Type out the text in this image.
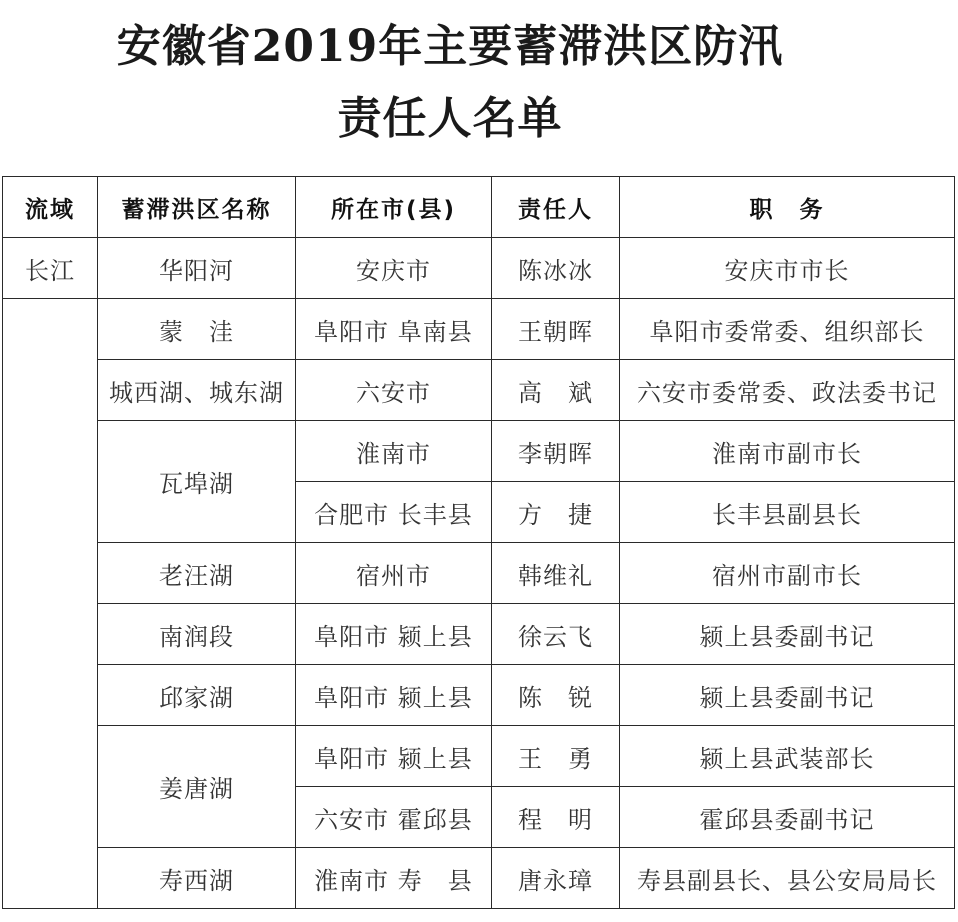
安徽省2019年主要蓄滞洪区防汛
责任人名单
流域	蓄滞洪区名称	所在市(县)	责任人	职　务
长江	华阳河	安庆市	陈冰冰	安庆市市长
	蒙　洼	阜阳市 阜南县	王朝晖	阜阳市委常委、组织部长
	城西湖、城东湖	六安市	高　斌	六安市委常委、政法委书记
	瓦埠湖	淮南市	李朝晖	淮南市副市长
		合肥市 长丰县	方　捷	长丰县副县长
	老汪湖	宿州市	韩维礼	宿州市副市长
	南润段	阜阳市 颍上县	徐云飞	颍上县委副书记
	邱家湖	阜阳市 颍上县	陈　锐	颍上县委副书记
	姜唐湖	阜阳市 颍上县	王　勇	颍上县武装部长
		六安市 霍邱县	程　明	霍邱县委副书记
	寿西湖	淮南市 寿　县	唐永璋	寿县副县长、县公安局局长
